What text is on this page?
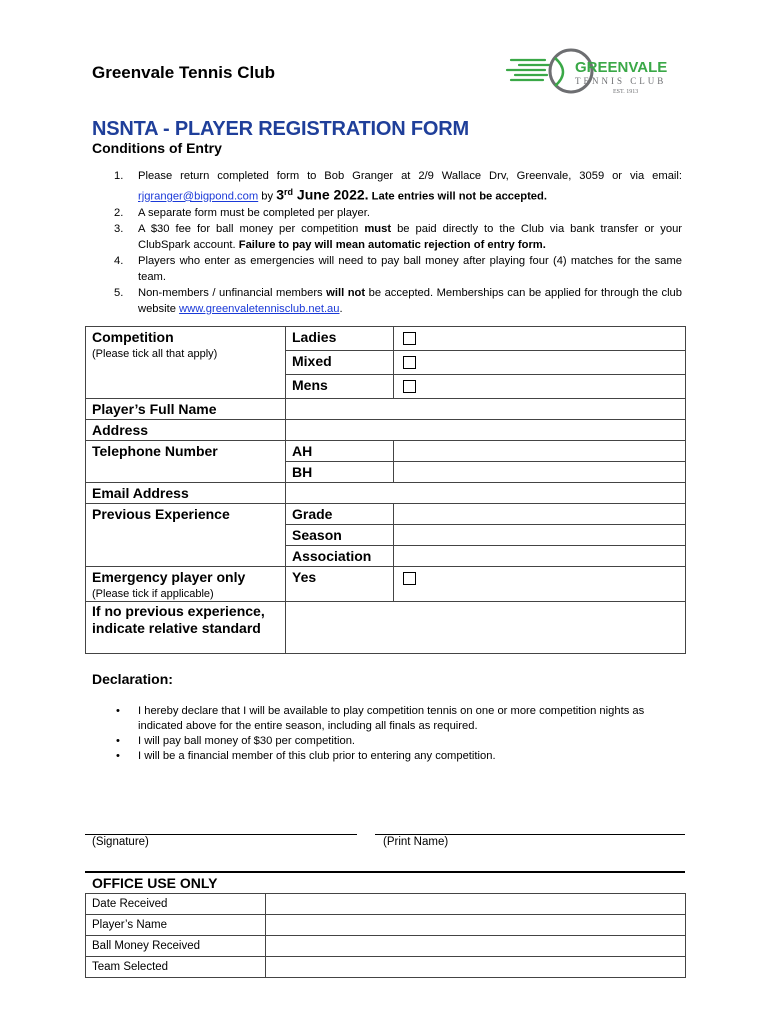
Greenvale Tennis Club	GREENVALE
TENNIS CLUB
EST. 1913
NSNTA - PLAYER REGISTRATION FORM
Conditions of Entry
1. Please return completed form to Bob Granger at 2/9 Wallace Drv, Greenvale, 3059 or via email: rjgranger@bigpond.com by 3rd June 2022. Late entries will not be accepted.
2. A separate form must be completed per player.
3. A $30 fee for ball money per competition must be paid directly to the Club via bank transfer or your ClubSpark account. Failure to pay will mean automatic rejection of entry form.
4. Players who enter as emergencies will need to pay ball money after playing four (4) matches for the same team.
5. Non-members / unfinancial members will not be accepted. Memberships can be applied for through the club website www.greenvaletennisclub.net.au.
Competition
(Please tick all that apply)	Ladies	
	Mixed	
	Mens	
Player’s Full Name		
Address		
Telephone Number	AH	
	BH	
Email Address		
Previous Experience	Grade	
	Season	
	Association	

Emergency player only
(Please tick if applicable)	Yes	
If no previous experience, indicate relative standard		
Declaration:
• I hereby declare that I will be available to play competition tennis on one or more competition nights as indicated above for the entire season, including all finals as required.
• I will pay ball money of $30 per competition.
• I will be a financial member of this club prior to entering any competition.
(Signature)	(Print Name)
OFFICE USE ONLY
Date Received	
Player’s Name	
Ball Money Received	
Team Selected	
